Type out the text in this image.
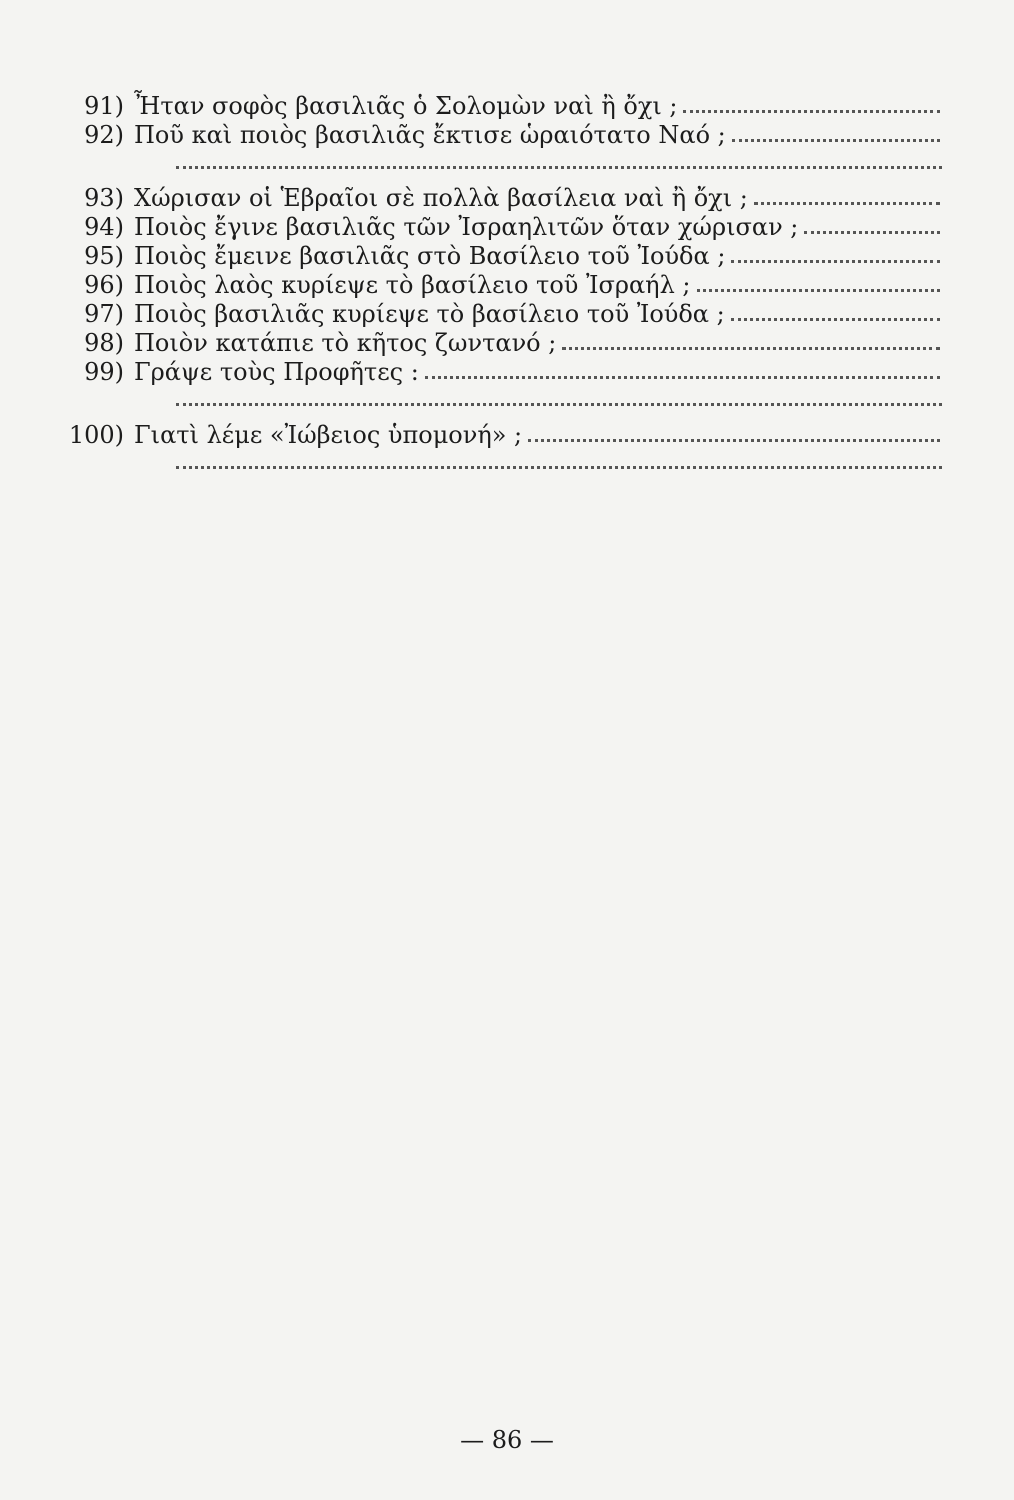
91) Ἦταν σοφὸς βασιλιᾶς ὁ Σολομὼν ναὶ ἢ ὄχι ;
92) Ποῦ καὶ ποιὸς βασιλιᾶς ἔκτισε ὡραιότατο Ναό ;
93) Χώρισαν οἱ Ἑβραῖοι σὲ πολλὰ βασίλεια ναὶ ἢ ὄχι ;
94) Ποιὸς ἔγινε βασιλιᾶς τῶν Ἰσραηλιτῶν ὅταν χώρισαν ;
95) Ποιὸς ἔμεινε βασιλιᾶς στὸ Βασίλειο τοῦ Ἰούδα ;
96) Ποιὸς λαὸς κυρίεψε τὸ βασίλειο τοῦ Ἰσραήλ ;
97) Ποιὸς βασιλιᾶς κυρίεψε τὸ βασίλειο τοῦ Ἰούδα ;
98) Ποιὸν κατάπιε τὸ κῆτος ζωντανό ;
99) Γράψε τοὺς Προφῆτες :
100) Γιατὶ λέμε «Ἰώβειος ὑπομονή» ;
— 86 —
